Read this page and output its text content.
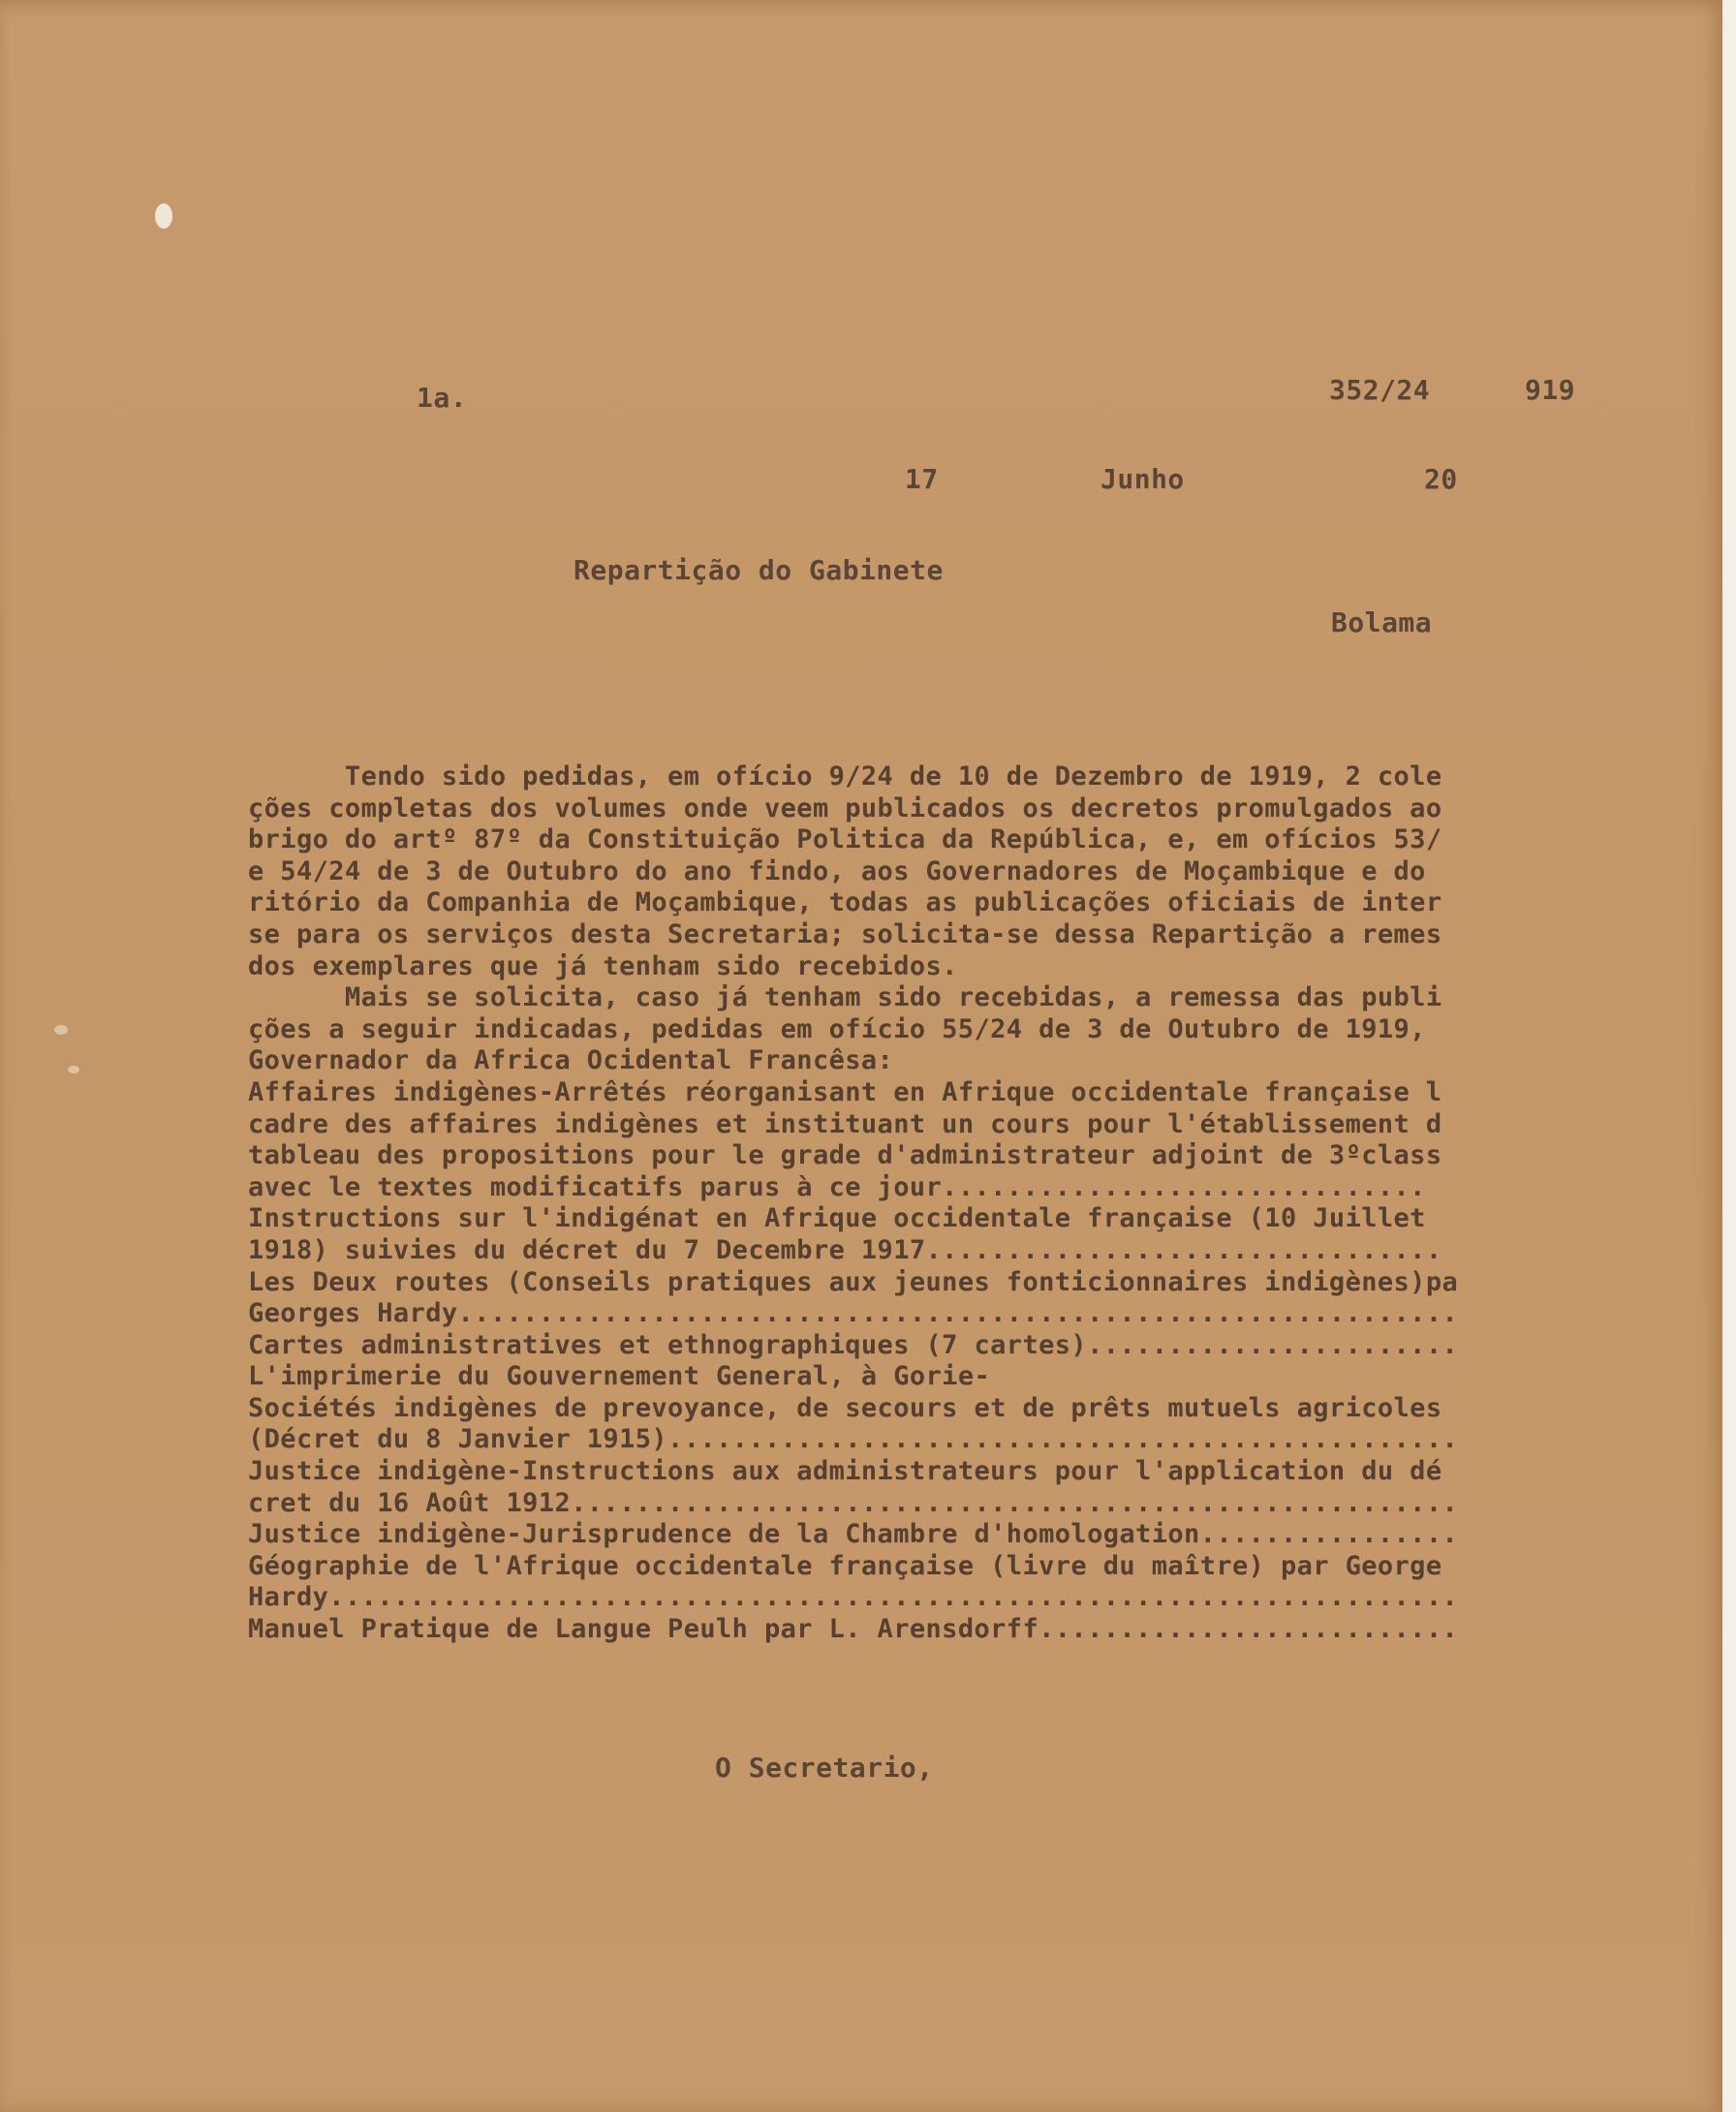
1a.	352/24	919
17	Junho	20
Repartição do Gabinete
Bolama
Tendo sido pedidas, em ofício 9/24 de 10 de Dezembro de 1919, 2 cole
ções completas dos volumes onde veem publicados os decretos promulgados ao
brigo do artº 87º da Constituição Politica da República, e, em ofícios 53/
e 54/24 de 3 de Outubro do ano findo, aos Governadores de Moçambique e do
ritório da Companhia de Moçambique, todas as publicações oficiais de inter
se para os serviços desta Secretaria; solicita-se dessa Repartição a remes
dos exemplares que já tenham sido recebidos.
Mais se solicita, caso já tenham sido recebidas, a remessa das publi
ções a seguir indicadas, pedidas em ofício 55/24 de 3 de Outubro de 1919,
Governador da Africa Ocidental Francêsa:
Affaires indigènes-Arrêtés réorganisant en Afrique occidentale française l
cadre des affaires indigènes et instituant un cours pour l'établissement d
tableau des propositions pour le grade d'administrateur adjoint de 3ºclass
avec le textes modificatifs parus à ce jour..............................
Instructions sur l'indigénat en Afrique occidentale française (10 Juillet
1918) suivies du décret du 7 Decembre 1917................................
Les Deux routes (Conseils pratiques aux jeunes fonticionnaires indigènes)pa
Georges Hardy..............................................................
Cartes administratives et ethnographiques (7 cartes).......................
L'imprimerie du Gouvernement General, à Gorie-
Sociétés indigènes de prevoyance, de secours et de prêts mutuels agricoles
(Décret du 8 Janvier 1915).................................................
Justice indigène-Instructions aux administrateurs pour l'application du dé
cret du 16 Août 1912.......................................................
Justice indigène-Jurisprudence de la Chambre d'homologation................
Géographie de l'Afrique occidentale française (livre du maître) par George
Hardy......................................................................
Manuel Pratique de Langue Peulh par L. Arensdorff..........................
O Secretario,
